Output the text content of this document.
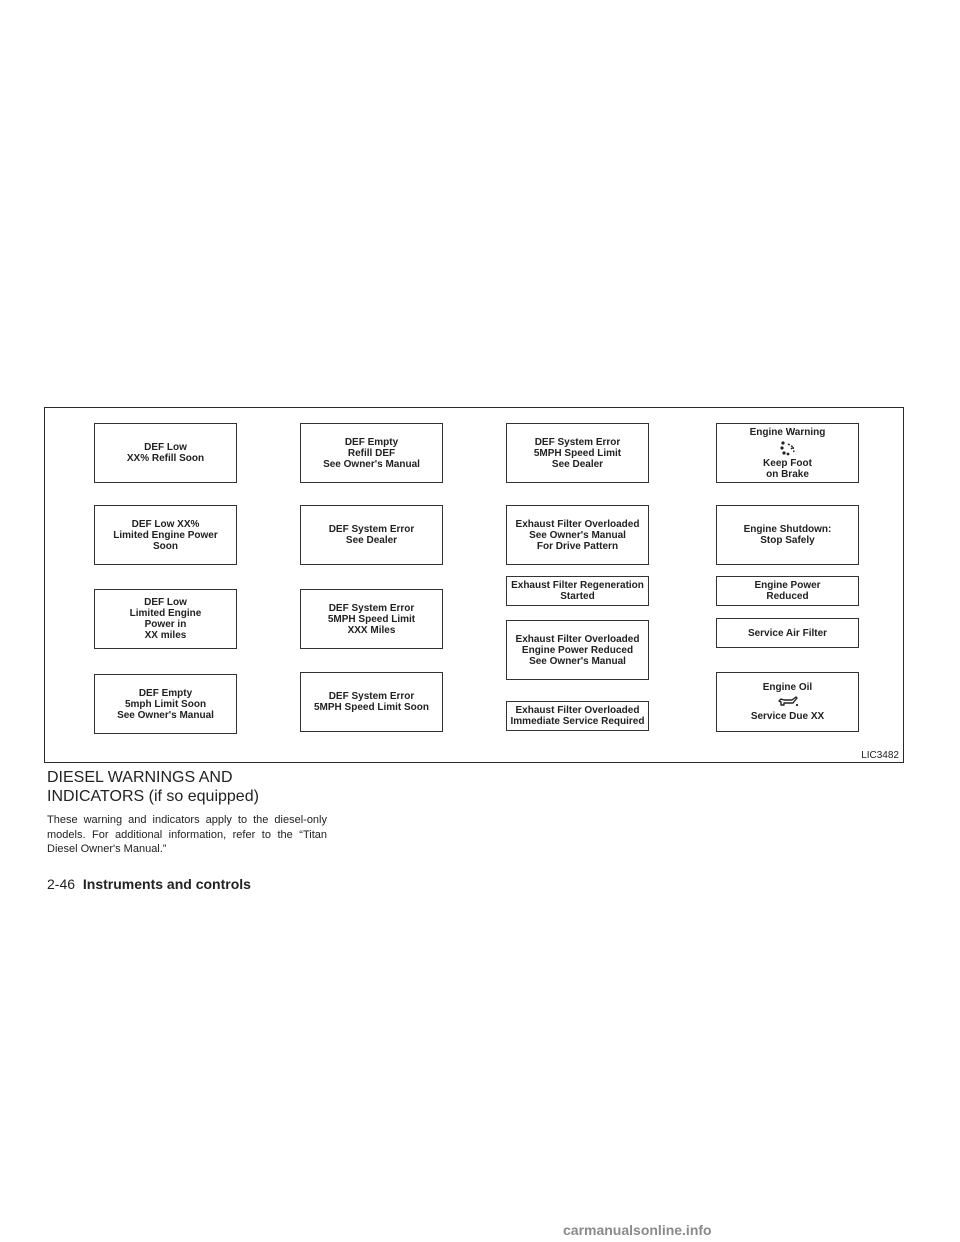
DEF Low
XX% Refill Soon
DEF Low XX%
Limited Engine Power
Soon
DEF Low
Limited Engine
Power in
XX miles
DEF Empty
5mph Limit Soon
See Owner's Manual
DEF Empty
Refill DEF
See Owner's Manual
DEF System Error
See Dealer
DEF System Error
5MPH Speed Limit
XXX Miles
DEF System Error
5MPH Speed Limit Soon
DEF System Error
5MPH Speed Limit
See Dealer
Exhaust Filter Overloaded
See Owner's Manual
For Drive Pattern
Exhaust Filter Regeneration
Started
Exhaust Filter Overloaded
Engine Power Reduced
See Owner's Manual
Exhaust Filter Overloaded
Immediate Service Required
Engine Warning
Keep Foot
on Brake
Engine Shutdown:
Stop Safely
Engine Power
Reduced
Service Air Filter
Engine Oil
Service Due XX
LIC3482
DIESEL WARNINGS AND
INDICATORS (if so equipped)
These warning and indicators apply to the diesel-only models. For additional information, refer to the “Titan Diesel Owner's Manual.”
2-46 Instruments and controls
carmanualsonline.info
